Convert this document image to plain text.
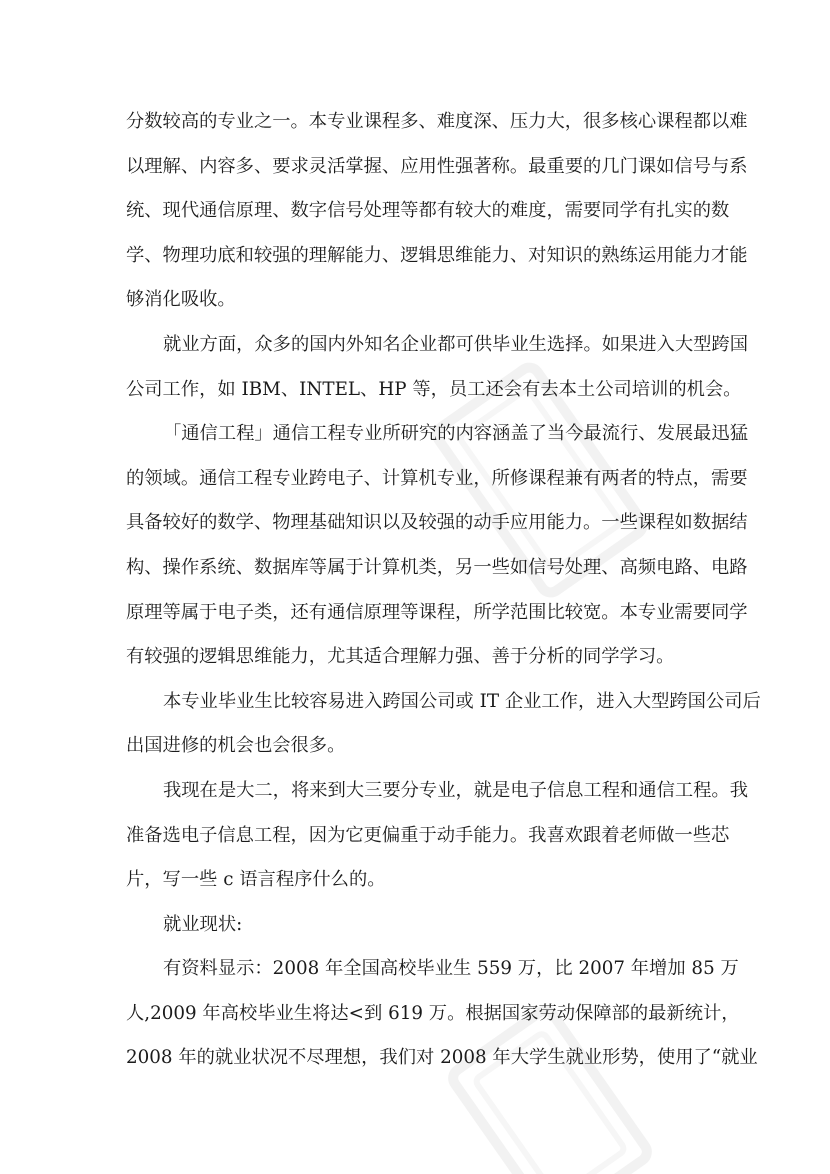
分数较高的专业之一。本专业课程多、难度深、压力大，很多核心课程都以难
以理解、内容多、要求灵活掌握、应用性强著称。最重要的几门课如信号与系
统、现代通信原理、数字信号处理等都有较大的难度，需要同学有扎实的数
学、物理功底和较强的理解能力、逻辑思维能力、对知识的熟练运用能力才能
够消化吸收。
就业方面，众多的国内外知名企业都可供毕业生选择。如果进入大型跨国
公司工作，如 IBM、INTEL、HP 等，员工还会有去本土公司培训的机会。
「通信工程」通信工程专业所研究的内容涵盖了当今最流行、发展最迅猛
的领域。通信工程专业跨电子、计算机专业，所修课程兼有两者的特点，需要
具备较好的数学、物理基础知识以及较强的动手应用能力。一些课程如数据结
构、操作系统、数据库等属于计算机类，另一些如信号处理、高频电路、电路
原理等属于电子类，还有通信原理等课程，所学范围比较宽。本专业需要同学
有较强的逻辑思维能力，尤其适合理解力强、善于分析的同学学习。
本专业毕业生比较容易进入跨国公司或 IT 企业工作，进入大型跨国公司后
出国进修的机会也会很多。
我现在是大二，将来到大三要分专业，就是电子信息工程和通信工程。我
准备选电子信息工程，因为它更偏重于动手能力。我喜欢跟着老师做一些芯
片，写一些 c 语言程序什么的。
就业现状:
有资料显示：2008 年全国高校毕业生 559 万，比 2007 年增加 85 万
人,2009 年高校毕业生将达<到 619 万。根据国家劳动保障部的最新统计，
2008 年的就业状况不尽理想，我们对 2008 年大学生就业形势，使用了“就业
